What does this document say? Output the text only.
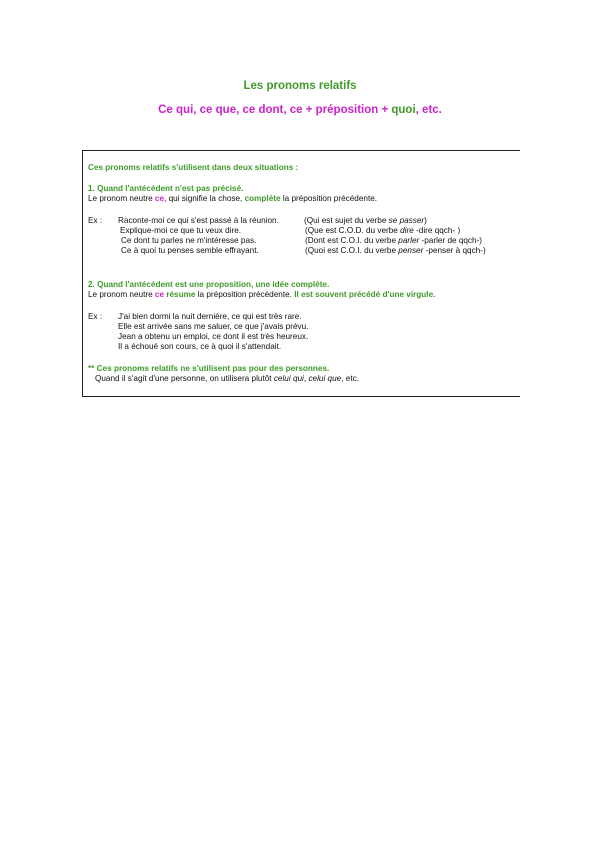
Les pronoms relatifs
Ce qui, ce que, ce dont, ce + préposition + quoi, etc.
Ces pronoms relatifs s'utilisent dans deux situations :
1. Quand l'antécédent n'est pas précisé.
Le pronom neutre ce, qui signifie la chose, complète la préposition précédente.
Ex : Raconte-moi ce qui s'est passé à la réunion.	(Qui est sujet du verbe se passer)
Explique-moi ce que tu veux dire.	(Que est C.O.D. du verbe dire -dire qqch- )
Ce dont tu parles ne m'intéresse pas.	(Dont est C.O.I. du verbe parler -parler de qqch-)
Ce à quoi tu penses semble effrayant.	(Quoi est C.O.I. du verbe penser -penser à qqch-)
2. Quand l'antécédent est une proposition, une idée complète.
Le pronom neutre ce résume la préposition précédente. Il est souvent précédé d'une virgule.
Ex : J'ai bien dormi la nuit dernière, ce qui est très rare.
Elle est arrivée sans me saluer, ce que j'avais prévu.
Jean a obtenu un emploi, ce dont il est très heureux.
Il a échoué son cours, ce à quoi il s'attendait.
** Ces pronoms relatifs ne s'utilisent pas pour des personnes.
Quand il s'agit d'une personne, on utilisera plutôt celui qui, celui que, etc.
